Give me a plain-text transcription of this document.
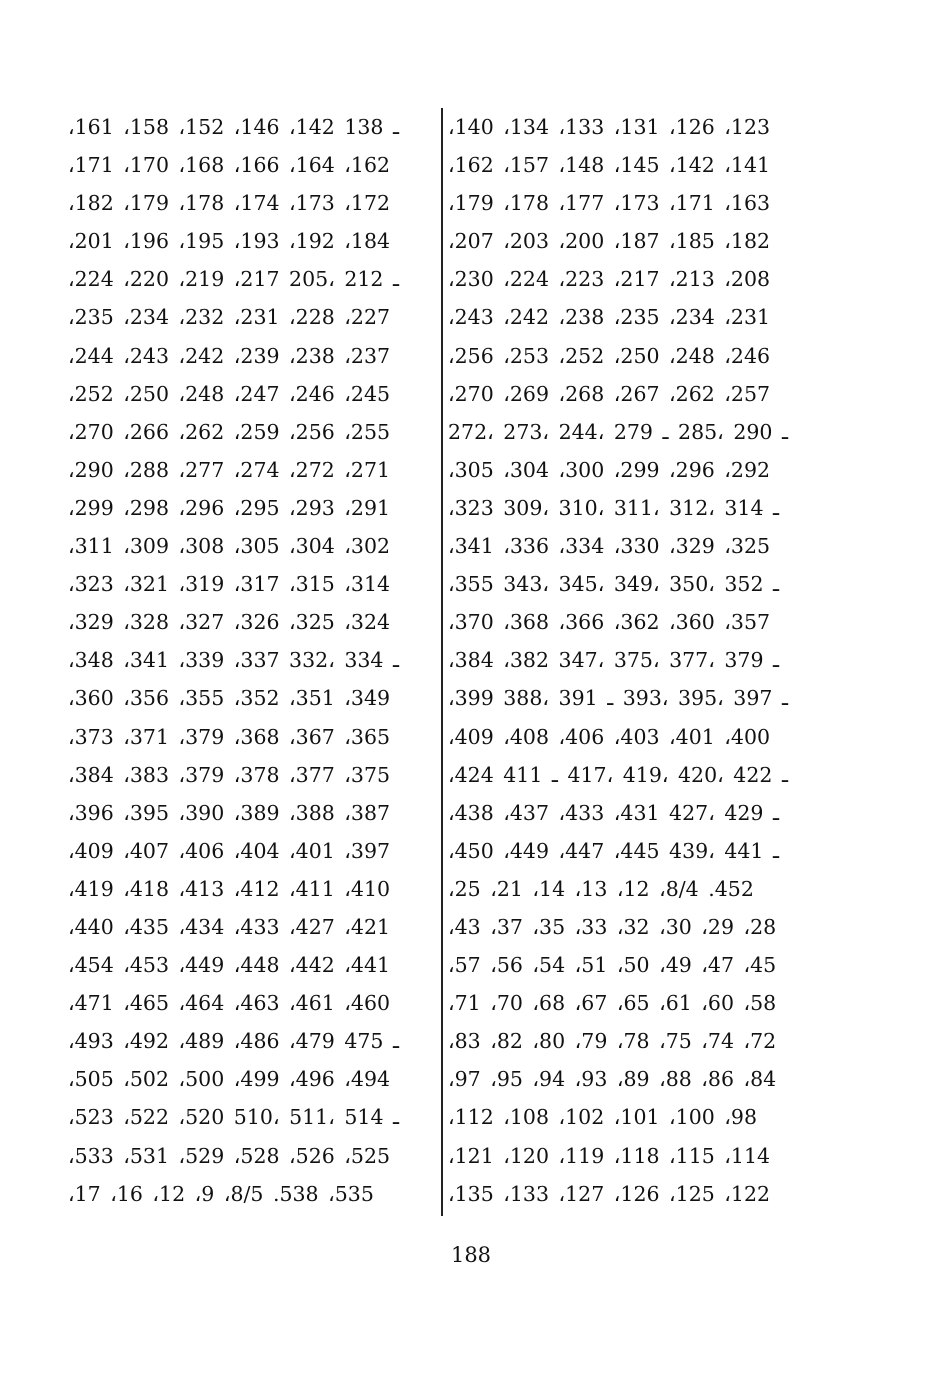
،161 ،158 ،152 ،146 ،142 ـ 138
،171 ،170 ،168 ،166 ،164 ،162
،182 ،179 ،178 ،174 ،173 ،172
،201 ،196 ،195 ،193 ،192 ،184
،224 ،220 ،219 ،217 ـ 212 ،205
،235 ،234 ،232 ،231 ،228 ،227
،244 ،243 ،242 ،239 ،238 ،237
،252 ،250 ،248 ،247 ،246 ،245
،270 ،266 ،262 ،259 ،256 ،255
،290 ،288 ،277 ،274 ،272 ،271
،299 ،298 ،296 ،295 ،293 ،291
،311 ،309 ،308 ،305 ،304 ،302
،323 ،321 ،319 ،317 ،315 ،314
،329 ،328 ،327 ،326 ،325 ،324
،348 ،341 ،339 ،337 ـ 334 ،332
،360 ،356 ،355 ،352 ،351 ،349
،373 ،371 ،379 ،368 ،367 ،365
،384 ،383 ،379 ،378 ،377 ،375
،396 ،395 ،390 ،389 ،388 ،387
،409 ،407 ،406 ،404 ،401 ،397
،419 ،418 ،413 ،412 ،411 ،410
،440 ،435 ،434 ،433 ،427 ،421
،454 ،453 ،449 ،448 ،442 ،441
،471 ،465 ،464 ،463 ،461 ،460
،493 ،492 ،489 ،486 ،479 ـ 475
،505 ،502 ،500 ،499 ،496 ،494
،523 ،522 ،520 ـ 514 ،511 ،510
،533 ،531 ،529 ،528 ،526 ،525
،17 ،16 ،12 ،9 ،8/5 .538 ،535
،140 ،134 ،133 ،131 ،126 ،123
،162 ،157 ،148 ،145 ،142 ،141
،179 ،178 ،177 ،173 ،171 ،163
،207 ،203 ،200 ،187 ،185 ،182
،230 ،224 ،223 ،217 ،213 ،208
،243 ،242 ،238 ،235 ،234 ،231
،256 ،253 ،252 ،250 ،248 ،246
،270 ،269 ،268 ،267 ،262 ،257
ـ 290 ،285 ـ 279 ،244 ،273 ،272
،305 ،304 ،300 ،299 ،296 ،292
،323 ـ 314 ،312 ،311 ،310 ،309
،341 ،336 ،334 ،330 ،329 ،325
،355 ـ 352 ،350 ،349 ،345 ،343
،370 ،368 ،366 ،362 ،360 ،357
،384 ،382 ـ 379 ،377 ،375 ،347
،399 ـ 397 ،395 ،393 ـ 391 ،388
،409 ،408 ،406 ،403 ،401 ،400
،424 ـ 422 ،420 ،419 ،417 ـ 411
،438 ،437 ،433 ،431 ـ 429 ،427
،450 ،449 ،447 ،445 ـ 441 ،439
،25 ،21 ،14 ،13 ،12 ،8/4 .452
،43 ،37 ،35 ،33 ،32 ،30 ،29 ،28
،57 ،56 ،54 ،51 ،50 ،49 ،47 ،45
،71 ،70 ،68 ،67 ،65 ،61 ،60 ،58
،83 ،82 ،80 ،79 ،78 ،75 ،74 ،72
،97 ،95 ،94 ،93 ،89 ،88 ،86 ،84
،112 ،108 ،102 ،101 ،100 ،98
،121 ،120 ،119 ،118 ،115 ،114
،135 ،133 ،127 ،126 ،125 ،122
188
